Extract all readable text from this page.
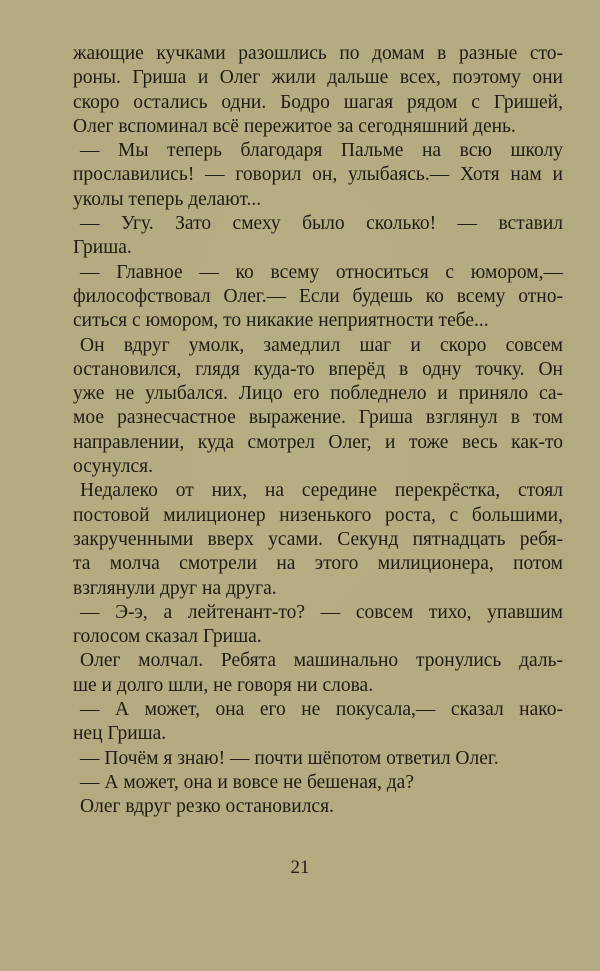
жающие кучками разошлись по домам в разные сто-
роны. Гриша и Олег жили дальше всех, поэтому они
скоро остались одни. Бодро шагая рядом с Гришей,
Олег вспоминал всё пережитое за сегодняшний день.
— Мы теперь благодаря Пальме на всю школу
прославились! — говорил он, улыбаясь.— Хотя нам и
уколы теперь делают...
— Угу. Зато смеху было сколько! — вставил
Гриша.
— Главное — ко всему относиться с юмором,—
философствовал Олег.— Если будешь ко всему отно-
ситься с юмором, то никакие неприятности тебе...
Он вдруг умолк, замедлил шаг и скоро совсем
остановился, глядя куда-то вперёд в одну точку. Он
уже не улыбался. Лицо его побледнело и приняло са-
мое разнесчастное выражение. Гриша взглянул в том
направлении, куда смотрел Олег, и тоже весь как-то
осунулся.
Недалеко от них, на середине перекрёстка, стоял
постовой милиционер низенького роста, с большими,
закрученными вверх усами. Секунд пятнадцать ребя-
та молча смотрели на этого милиционера, потом
взглянули друг на друга.
— Э-э, а лейтенант-то? — совсем тихо, упавшим
голосом сказал Гриша.
Олег молчал. Ребята машинально тронулись даль-
ше и долго шли, не говоря ни слова.
— А может, она его не покусала,— сказал нако-
нец Гриша.
— Почём я знаю! — почти шёпотом ответил Олег.
— А может, она и вовсе не бешеная, да?
Олег вдруг резко остановился.
21
